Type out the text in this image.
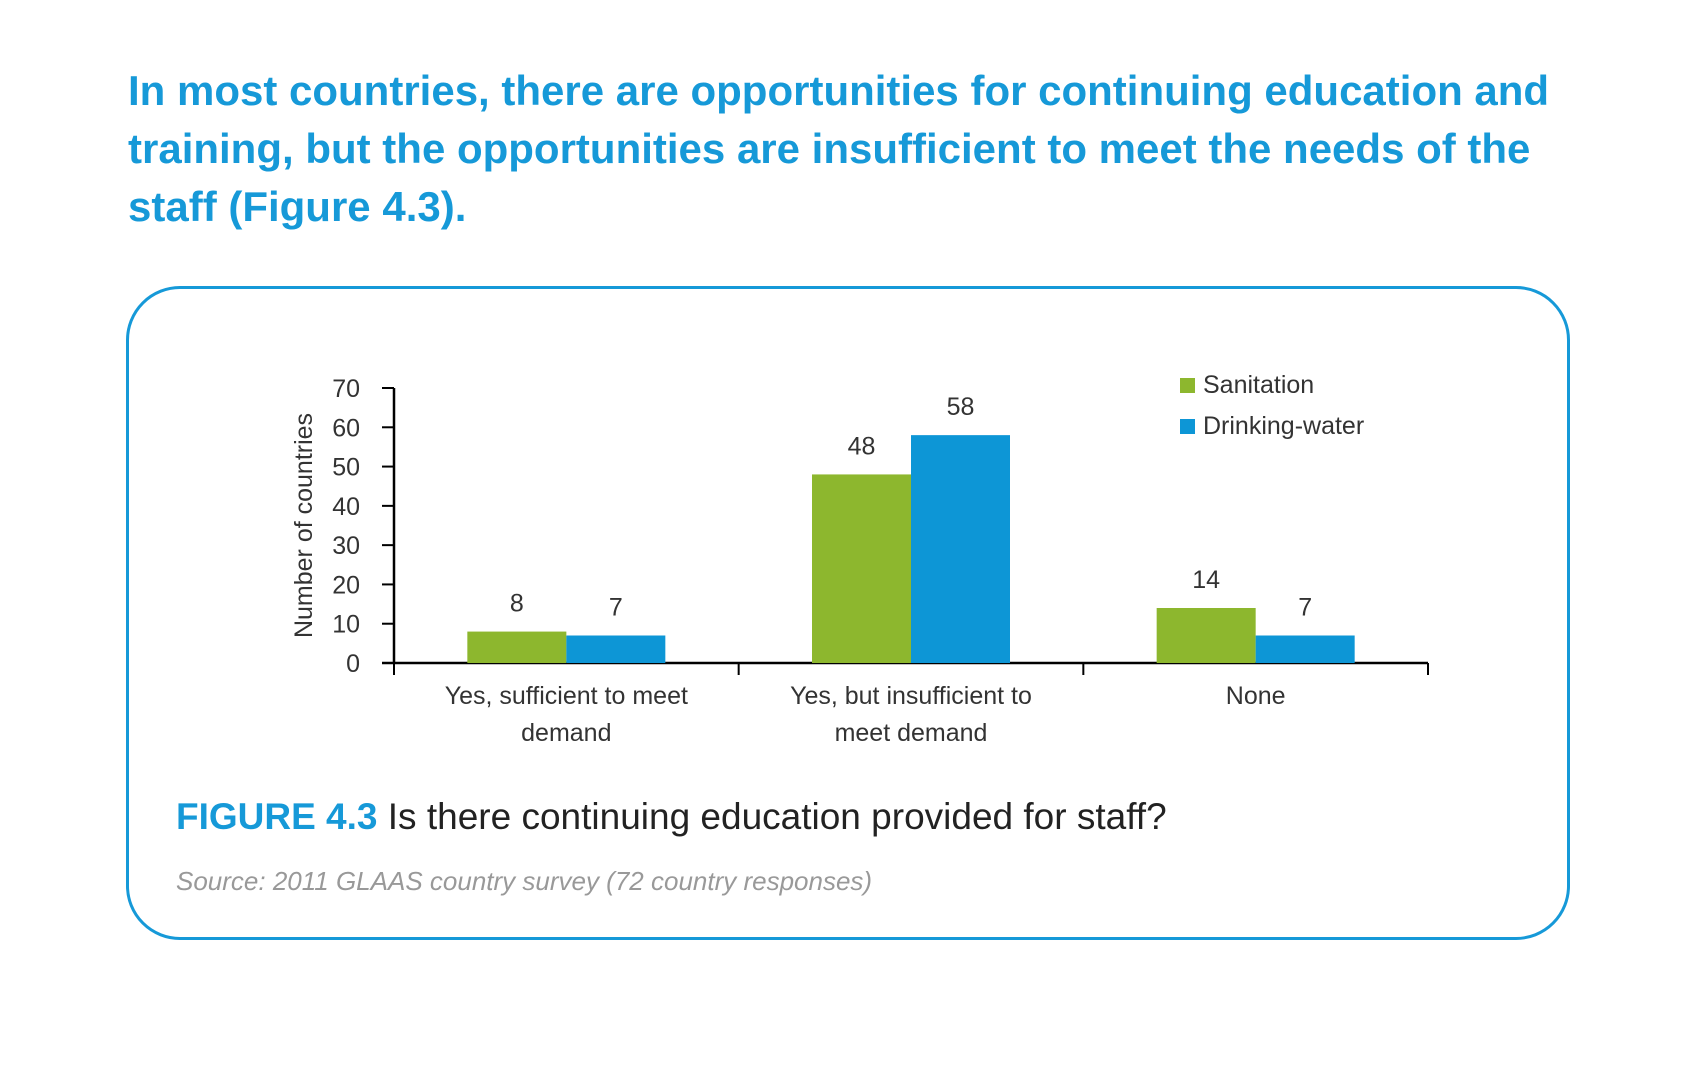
In most countries, there are opportunities for continuing education and training, but the opportunities are insufficient to meet the needs of the staff (Figure 4.3).
0
10
20
30
40
50
60
70
Number of countries	8	7
Yes, sufficient to meet
demand
48
58
Yes, but insufficient to
meet demand
14
7
None
Sanitation
Drinking-water

FIGURE 4.3 Is there continuing education provided for staff?

Source: 2011 GLAAS country survey (72 country responses)
